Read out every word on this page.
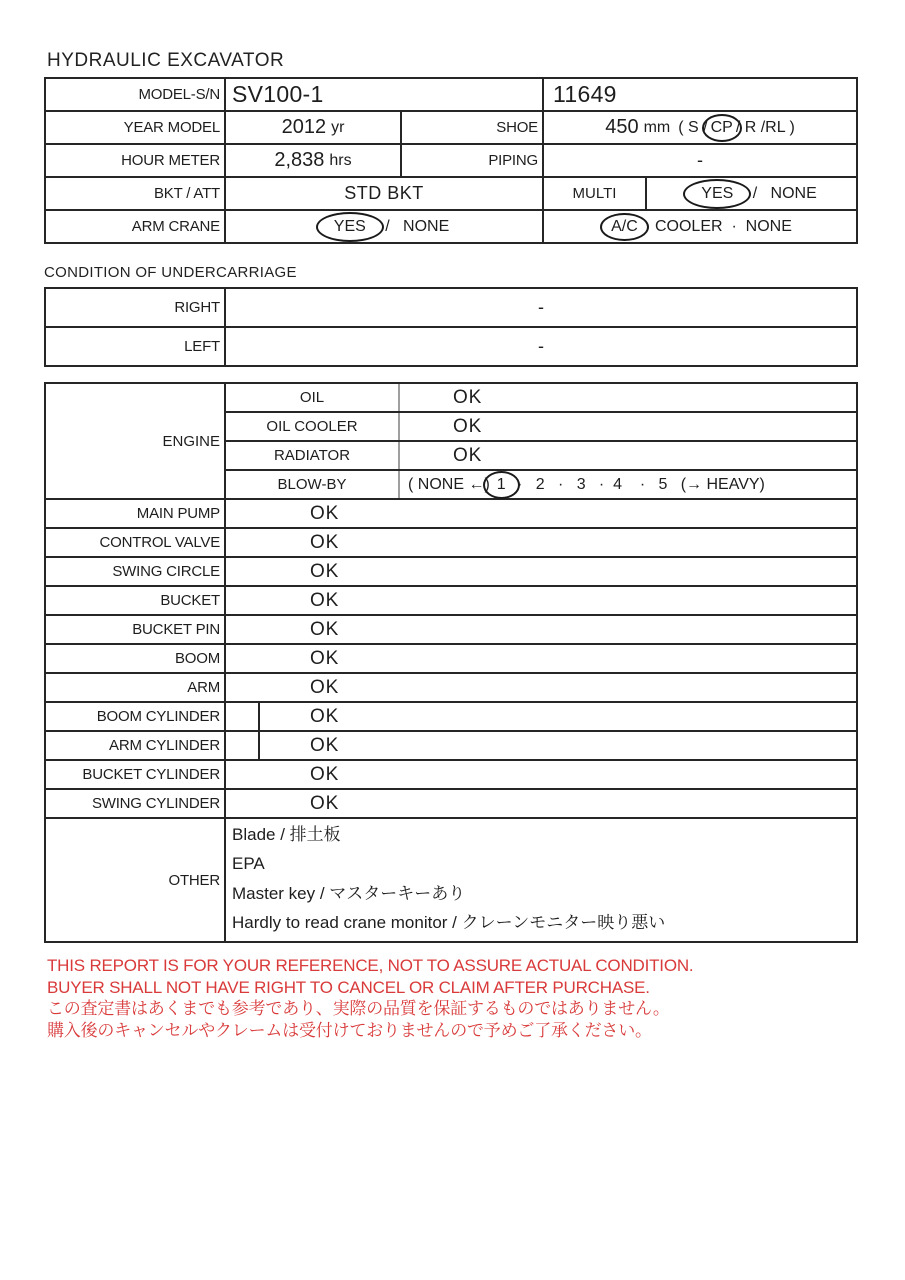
HYDRAULIC EXCAVATOR
MODEL-S/N SV100-1	11649
YEAR MODEL	2012 yr	SHOE	450 mm ( S / CP / R /RL )
HOUR METER	2,838 hrs	PIPING	-
BKT / ATT	STD BKT	MULTI	YES /   NONE
ARM CRANE	YES /   NONE	A/C · COOLER  ·  NONE
CONDITION OF UNDERCARRIAGE
RIGHT	-
LEFT	-
ENGINE
OIL	OK
OIL COOLER	OK
RADIATOR	OK
BLOW-BY	( NONE ←) 1 ·   2   ·   3   ·  4    ·   5   (→ HEAVY)
MAIN PUMP	OK
CONTROL VALVE	OK
SWING CIRCLE	OK
BUCKET	OK
BUCKET PIN	OK
BOOM	OK
ARM	OK
BOOM CYLINDER	OK
ARM CYLINDER	OK
BUCKET CYLINDER	OK
SWING CYLINDER	OK
OTHER
Blade / 排土板
EPA
Master key / マスターキーあり
Hardly to read crane monitor / クレーンモニター映り悪い
THIS REPORT IS FOR YOUR REFERENCE, NOT TO ASSURE ACTUAL CONDITION.
BUYER SHALL NOT HAVE RIGHT TO CANCEL OR CLAIM AFTER PURCHASE.
この査定書はあくまでも参考であり、実際の品質を保証するものではありません。
購入後のキャンセルやクレームは受付けておりませんので予めご了承ください。
